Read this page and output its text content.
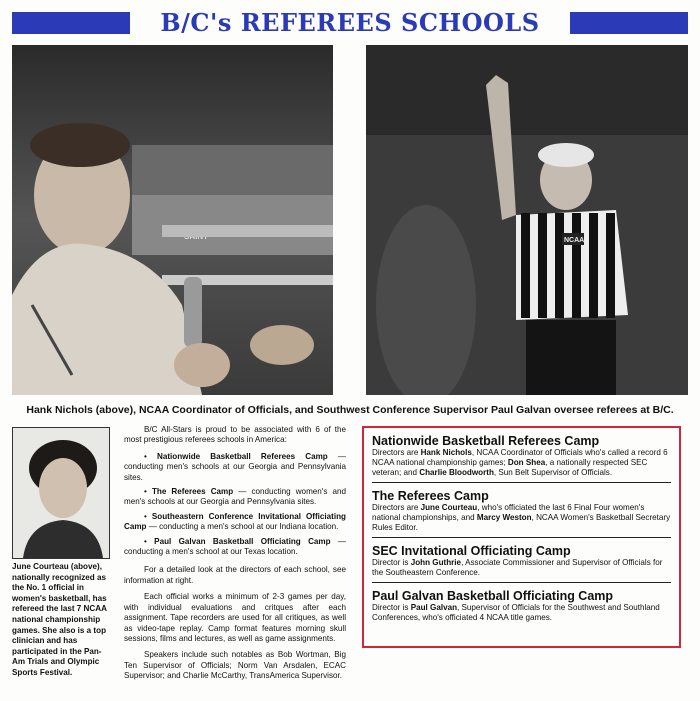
B/C's REFEREES SCHOOLS
NCAA
Hank Nichols (above), NCAA Coordinator of Officials, and Southwest Conference Supervisor Paul Galvan oversee referees at B/C.
June Courteau (above), nationally recognized as the No. 1 official in women's basketball, has refereed the last 7 NCAA national championship games. She also is a top clinician and has participated in the Pan-Am Trials and Olympic Sports Festival.

B/C All-Stars is proud to be associated with 6 of the most prestigious referees schools in America:

• Nationwide Basketball Referees Camp — conducting men's schools at our Georgia and Pennsylvania sites.

• The Referees Camp — conducting women's and men's schools at our Georgia and Pennsylvania sites.

• Southeastern Conference Invitational Officiating Camp — conducting a men's school at our Indiana location.

• Paul Galvan Basketball Officiating Camp — conducting a men's school at our Texas location.

For a detailed look at the directors of each school, see information at right.

Each official works a minimum of 2-3 games per day, with individual evaluations and critques after each assignment. Tape recorders are used for all critiques, as well as video-tape replay. Camp format features morning skull sessions, films and lectures, as well as game assignments.

Speakers include such notables as Bob Wortman, Big Ten Supervisor of Officials; Norm Van Arsdalen, ECAC Supervisor; and Charlie McCarthy, TransAmerica Supervisor.

Nationwide Basketball Referees Camp
Directors are Hank Nichols, NCAA Coordinator of Officials who's called a record 6 NCAA national championship games; Don Shea, a nationally respected SEC veteran; and Charlie Bloodworth, Sun Belt Supervisor of Officials.
The Referees Camp
Directors are June Courteau, who's officiated the last 6 Final Four women's national championships, and Marcy Weston, NCAA Women's Basketball Secretary Rules Editor.
SEC Invitational Officiating Camp
Director is John Guthrie, Associate Commissioner and Supervisor of Officials for the Southeastern Conference.
Paul Galvan Basketball Officiating Camp
Director is Paul Galvan, Supervisor of Officials for the Southwest and Southland Conferences, who's officiated 4 NCAA title games.
